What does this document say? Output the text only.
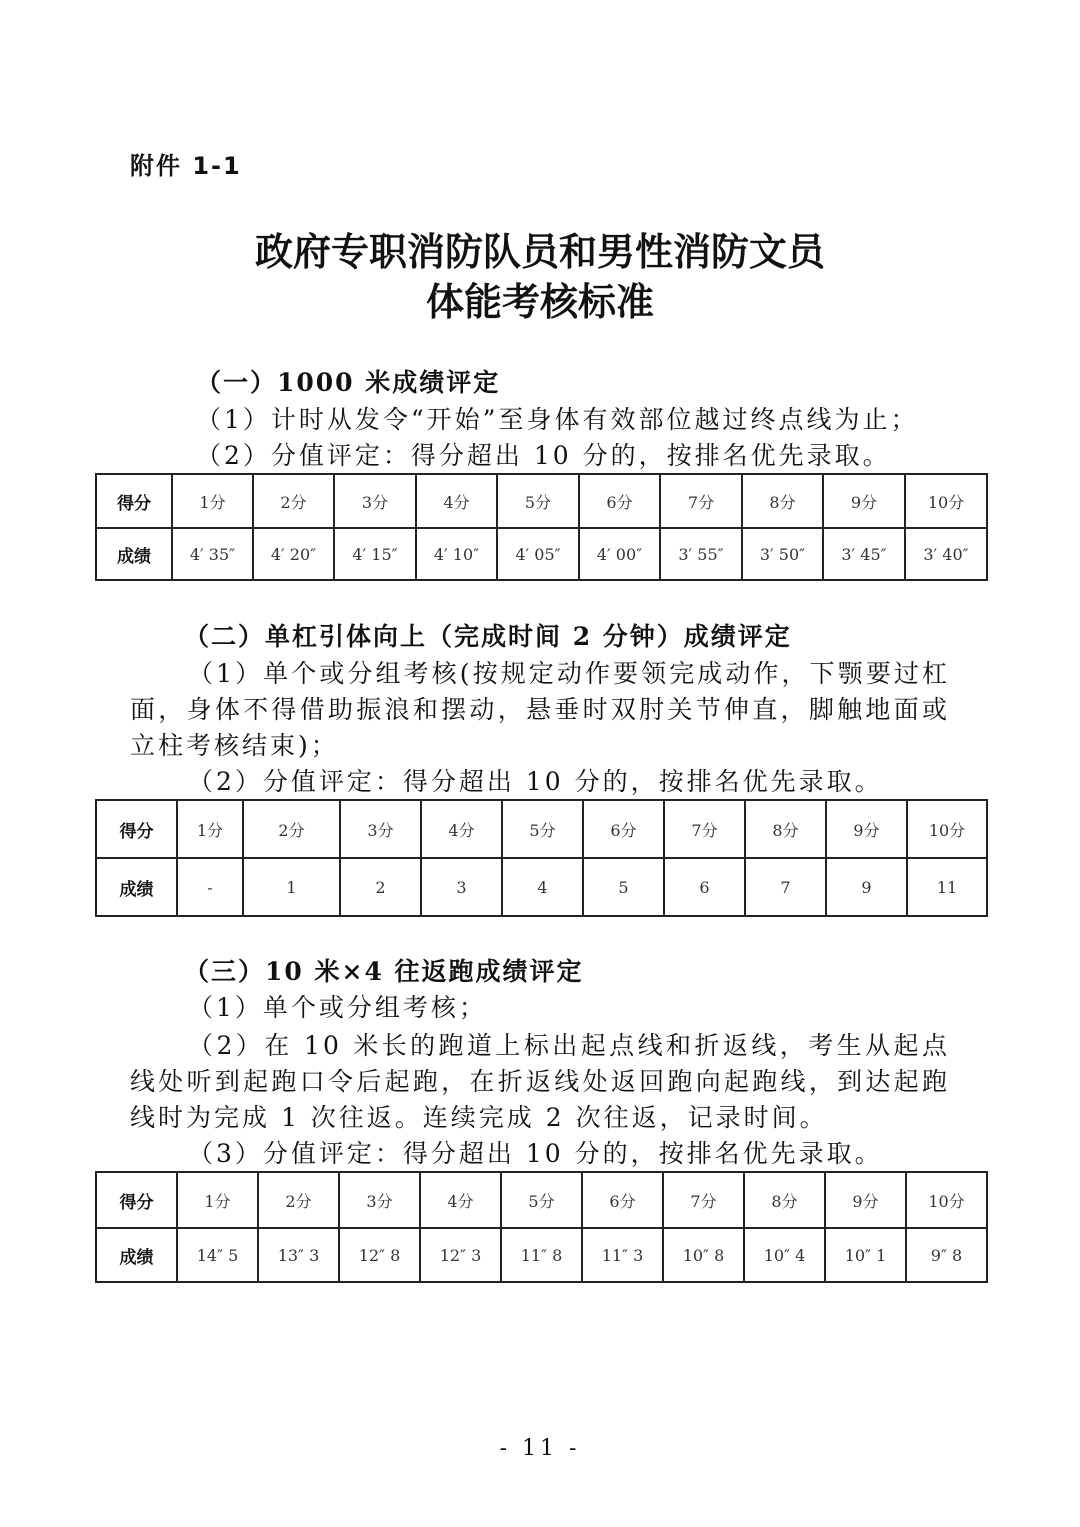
附件 1-1
政府专职消防队员和男性消防文员
体能考核标准
（一）1000 米成绩评定
（1）计时从发令“开始”至身体有效部位越过终点线为止；
（2）分值评定：得分超出 10 分的，按排名优先录取。
得分	1分	2分	3分	4分	5分	6分	7分	8分	9分	10分
成绩	4′ 35″	4′ 20″	4′ 15″	4′ 10″	4′ 05″	4′ 00″	3′ 55″	3′ 50″	3′ 45″	3′ 40″
（二）单杠引体向上（完成时间 2 分钟）成绩评定
（1）单个或分组考核(按规定动作要领完成动作，下颚要过杠面，身体不得借助振浪和摆动，悬垂时双肘关节伸直，脚触地面或立柱考核结束)；
（2）分值评定：得分超出 10 分的，按排名优先录取。
得分	1分	2分	3分	4分	5分	6分	7分	8分	9分	10分
成绩	-	1	2	3	4	5	6	7	9	11
（三）10 米×4 往返跑成绩评定
（1）单个或分组考核；
（2）在 10 米长的跑道上标出起点线和折返线，考生从起点线处听到起跑口令后起跑，在折返线处返回跑向起跑线，到达起跑线时为完成 1 次往返。连续完成 2 次往返，记录时间。
（3）分值评定：得分超出 10 分的，按排名优先录取。
得分	1分	2分	3分	4分	5分	6分	7分	8分	9分	10分
成绩	14″ 5	13″ 3	12″ 8	12″ 3	11″ 8	11″ 3	10″ 8	10″ 4	10″ 1	9″ 8
- 11 -
